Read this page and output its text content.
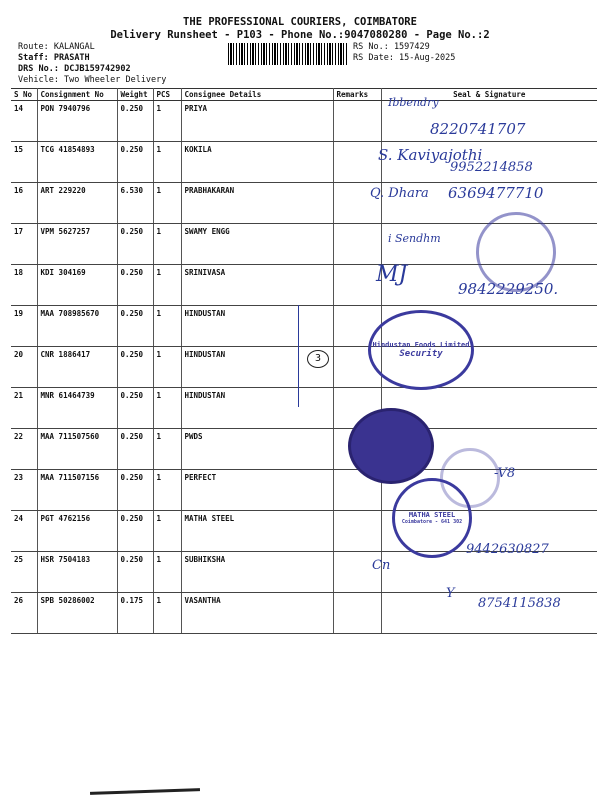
THE PROFESSIONAL COURIERS, COIMBATORE
Delivery Runsheet - P103 - Phone No.:9047080280 - Page No.:2
Route: KALANGAL
Staff: PRASATH
DRS No.: DCJB159742902
Vehicle: Two Wheeler Delivery
RS No.: 1597429
RS Date: 15-Aug-2025
S No	Consignment No	Weight	PCS	Consignee Details	Remarks	Seal & Signature
14	PON 7940796	0.250	1	PRIYA		
15	TCG 41854893	0.250	1	KOKILA		
16	ART 229220	6.530	1	PRABHAKARAN		
17	VPM 5627257	0.250	1	SWAMY ENGG		
18	KDI 304169	0.250	1	SRINIVASA		
19	MAA 708985670	0.250	1	HINDUSTAN		
20	CNR 1886417	0.250	1	HINDUSTAN		
21	MNR 61464739	0.250	1	HINDUSTAN		
22	MAA 711507560	0.250	1	PWDS		
23	MAA 711507156	0.250	1	PERFECT		
24	PGT 4762156	0.250	1	MATHA STEEL		
25	HSR 7504183	0.250	1	SUBHIKSHA		
26	SPB 50286002	0.175	1	VASANTHA		
Ibbendry
8220741707
S. Kaviyajothi
9952214858
Q. Dhara 6369477710
i Sendhm
MJ
9842229250.
3
Hindustan Foods Limited
Security
-V8
MATHA STEEL
Coimbatore - 641 302
Cn
9442630827
8754115838
Y
